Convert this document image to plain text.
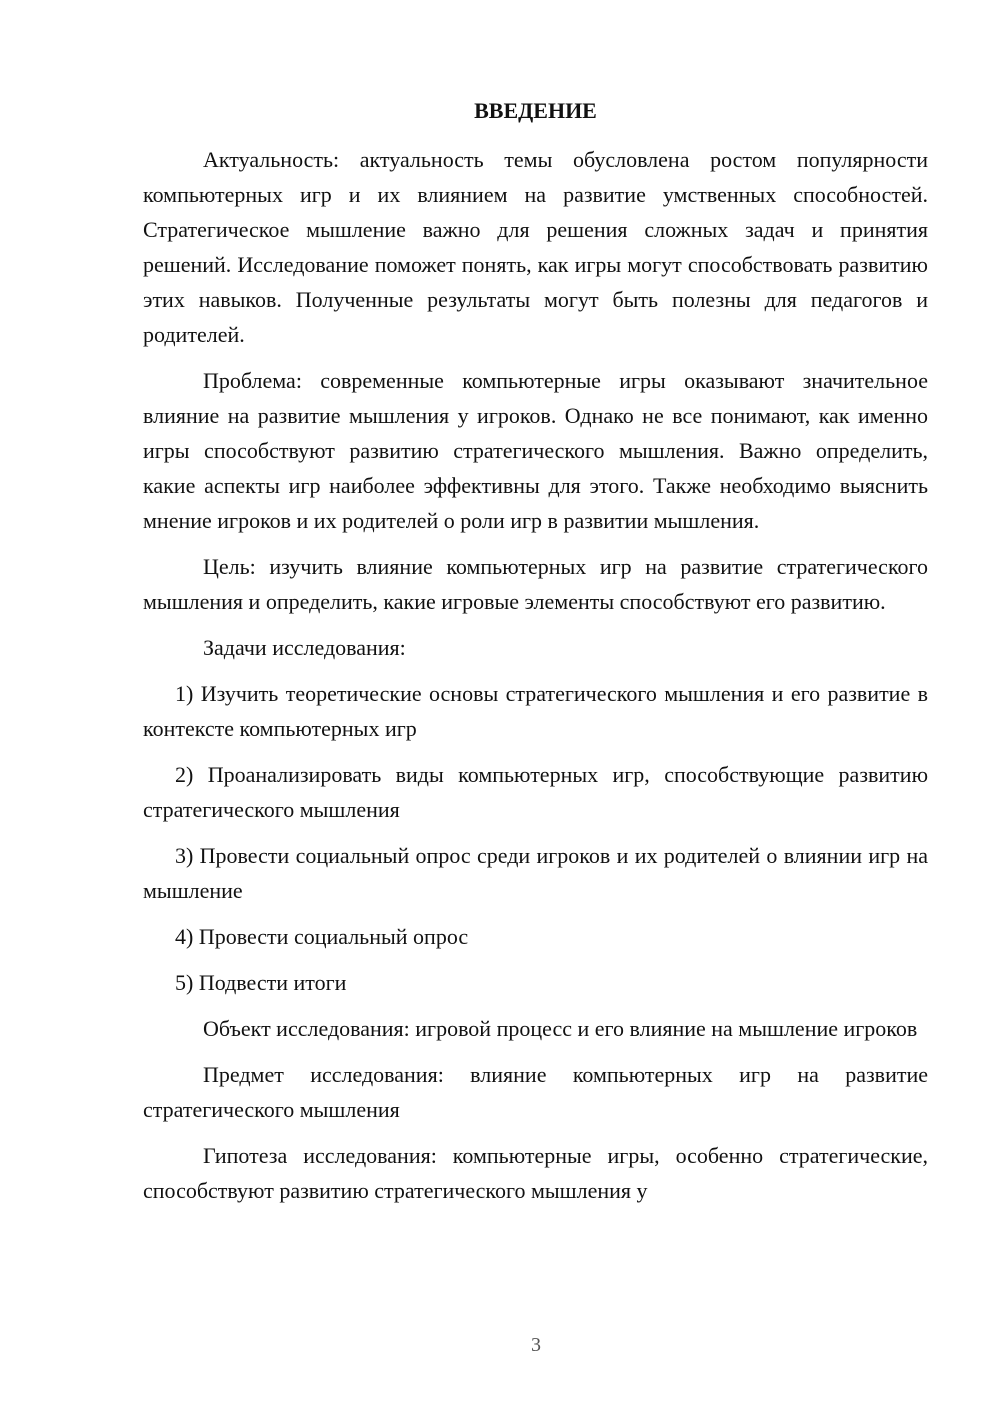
ВВЕДЕНИЕ

Актуальность: актуальность темы обусловлена ростом популярности компьютерных игр и их влиянием на развитие умственных способностей. Стратегическое мышление важно для решения сложных задач и принятия решений. Исследование поможет понять, как игры могут способствовать развитию этих навыков. Полученные результаты могут быть полезны для педагогов и родителей.

Проблема: современные компьютерные игры оказывают значительное влияние на развитие мышления у игроков. Однако не все понимают, как именно игры способствуют развитию стратегического мышления. Важно определить, какие аспекты игр наиболее эффективны для этого. Также необходимо выяснить мнение игроков и их родителей о роли игр в развитии мышления.

Цель: изучить влияние компьютерных игр на развитие стратегического мышления и определить, какие игровые элементы способствуют его развитию.

Задачи исследования:

1) Изучить теоретические основы стратегического мышления и его развитие в контексте компьютерных игр

2) Проанализировать виды компьютерных игр, способствующие развитию стратегического мышления

3) Провести социальный опрос среди игроков и их родителей о влиянии игр на мышление

4) Провести социальный опрос

5) Подвести итоги

Объект исследования: игровой процесс и его влияние на мышление игроков

Предмет исследования: влияние компьютерных игр на развитие стратегического мышления

Гипотеза исследования: компьютерные игры, особенно стратегические, способствуют развитию стратегического мышления у

3
